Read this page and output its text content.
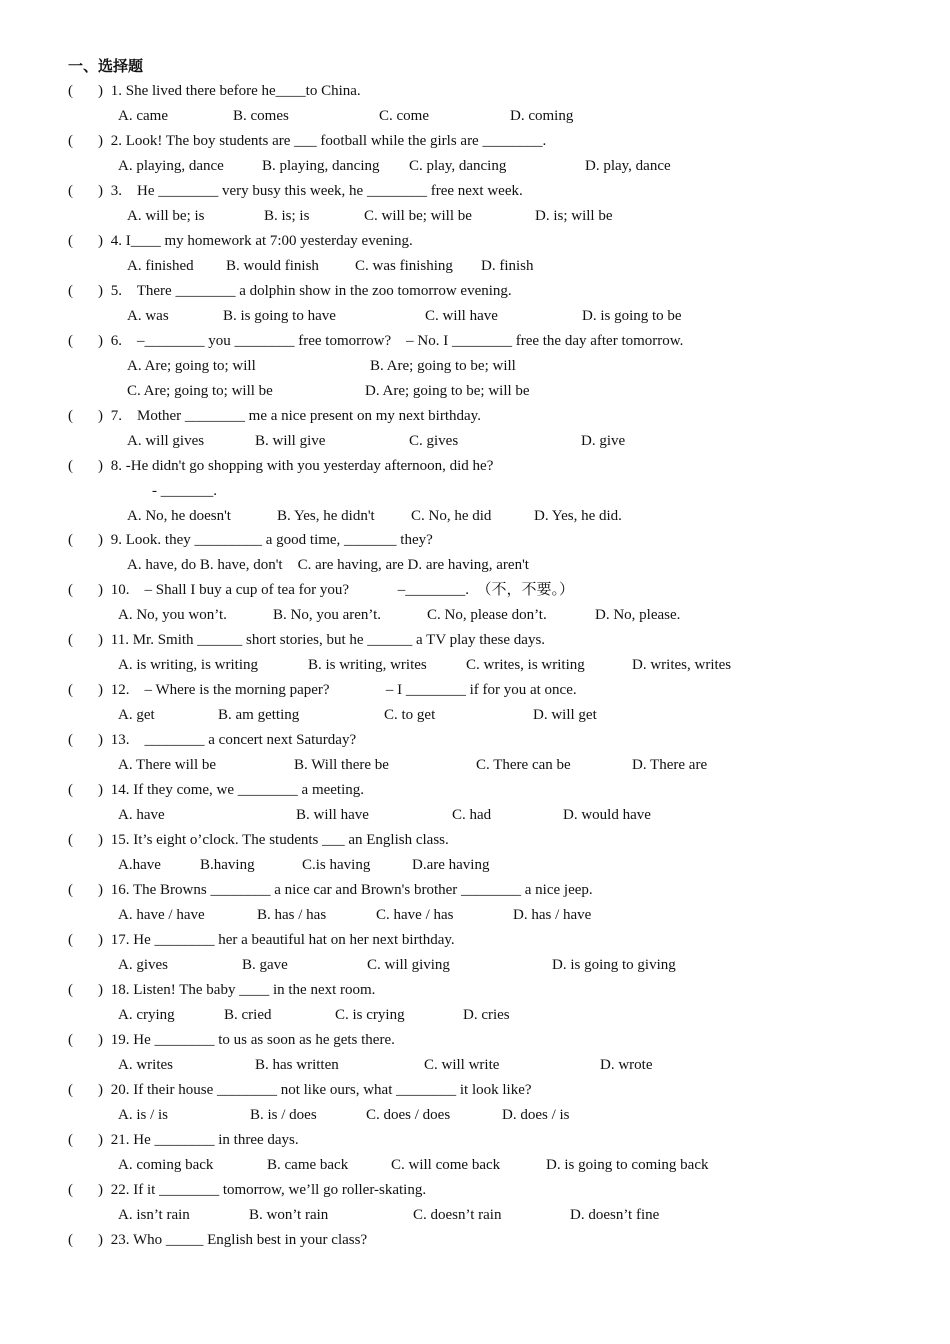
一、选择题
( ) 1. She lived there before he____to China.
A. came	B. comes	C. come	D. coming
( ) 2. Look! The boy students are ___ football while the girls are ________.
A. playing, dance	B. playing, dancing C. play, dancing	D. play, dance
( ) 3.    He ________ very busy this week, he ________ free next week.
A. will be; is	B. is; is	C. will be; will be	D. is; will be
( ) 4. I____ my homework at 7:00 yesterday evening.
A. finished B. would finish C. was finishing D. finish
( ) 5.    There ________ a dolphin show in the zoo tomorrow evening.
A. was	B. is going to have	C. will have	D. is going to be
( ) 6.    –________ you ________ free tomorrow?    – No. I ________ free the day after tomorrow.
A. Are; going to; will	B. Are; going to be; will
C. Are; going to; will be	D. Are; going to be; will be
( ) 7.    Mother ________ me a nice present on my next birthday.
A. will gives	B. will give	C. gives	D. give
( ) 8. -He didn't go shopping with you yesterday afternoon, did he?
- _______.
A. No, he doesn't	B. Yes, he didn't C. No, he did	D. Yes, he did.
( ) 9. Look. they _________ a good time, _______ they?
A. have, do B. have, don't    C. are having, are D. are having, aren't
( ) 10.    – Shall I buy a cup of tea for you?             –________.  （不，不要。）
A. No, you won’t.	B. No, you aren’t.	C. No, please don’t.	D. No, please.
( ) 11. Mr. Smith ______ short stories, but he ______ a TV play these days.
A. is writing, is writing	B. is writing, writes	C. writes, is writing	D. writes, writes
( ) 12.    – Where is the morning paper?               – I ________ if for you at once.
A. get	B. am getting	C. to get	D. will get
( ) 13.    ________ a concert next Saturday?
A. There will be	B. Will there be	C. There can be	D. There are
( ) 14. If they come, we ________ a meeting.
A. have	B. will have	C. had	D. would have
( ) 15. It’s eight o’clock. The students ___ an English class.
A.have	B.having	C.is having	D.are having
( ) 16. The Browns ________ a nice car and Brown's brother ________ a nice jeep.
A. have / have	B. has / has	C. have / has	D. has / have
( ) 17. He ________ her a beautiful hat on her next birthday.
A. gives	B. gave	C. will giving	D. is going to giving
( ) 18. Listen! The baby ____ in the next room.
A. crying	B. cried	C. is crying	D. cries
( ) 19. He ________ to us as soon as he gets there.
A. writes	B. has written	C. will write	D. wrote
( ) 20. If their house ________ not like ours, what ________ it look like?
A. is / is	B. is / does	C. does / does	D. does / is
( ) 21. He ________ in three days.
A. coming back	B. came back	C. will come back	D. is going to coming back
( ) 22. If it ________ tomorrow, we’ll go roller-skating.
A. isn’t rain	B. won’t rain	C. doesn’t rain	D. doesn’t fine
( ) 23. Who _____ English best in your class?
